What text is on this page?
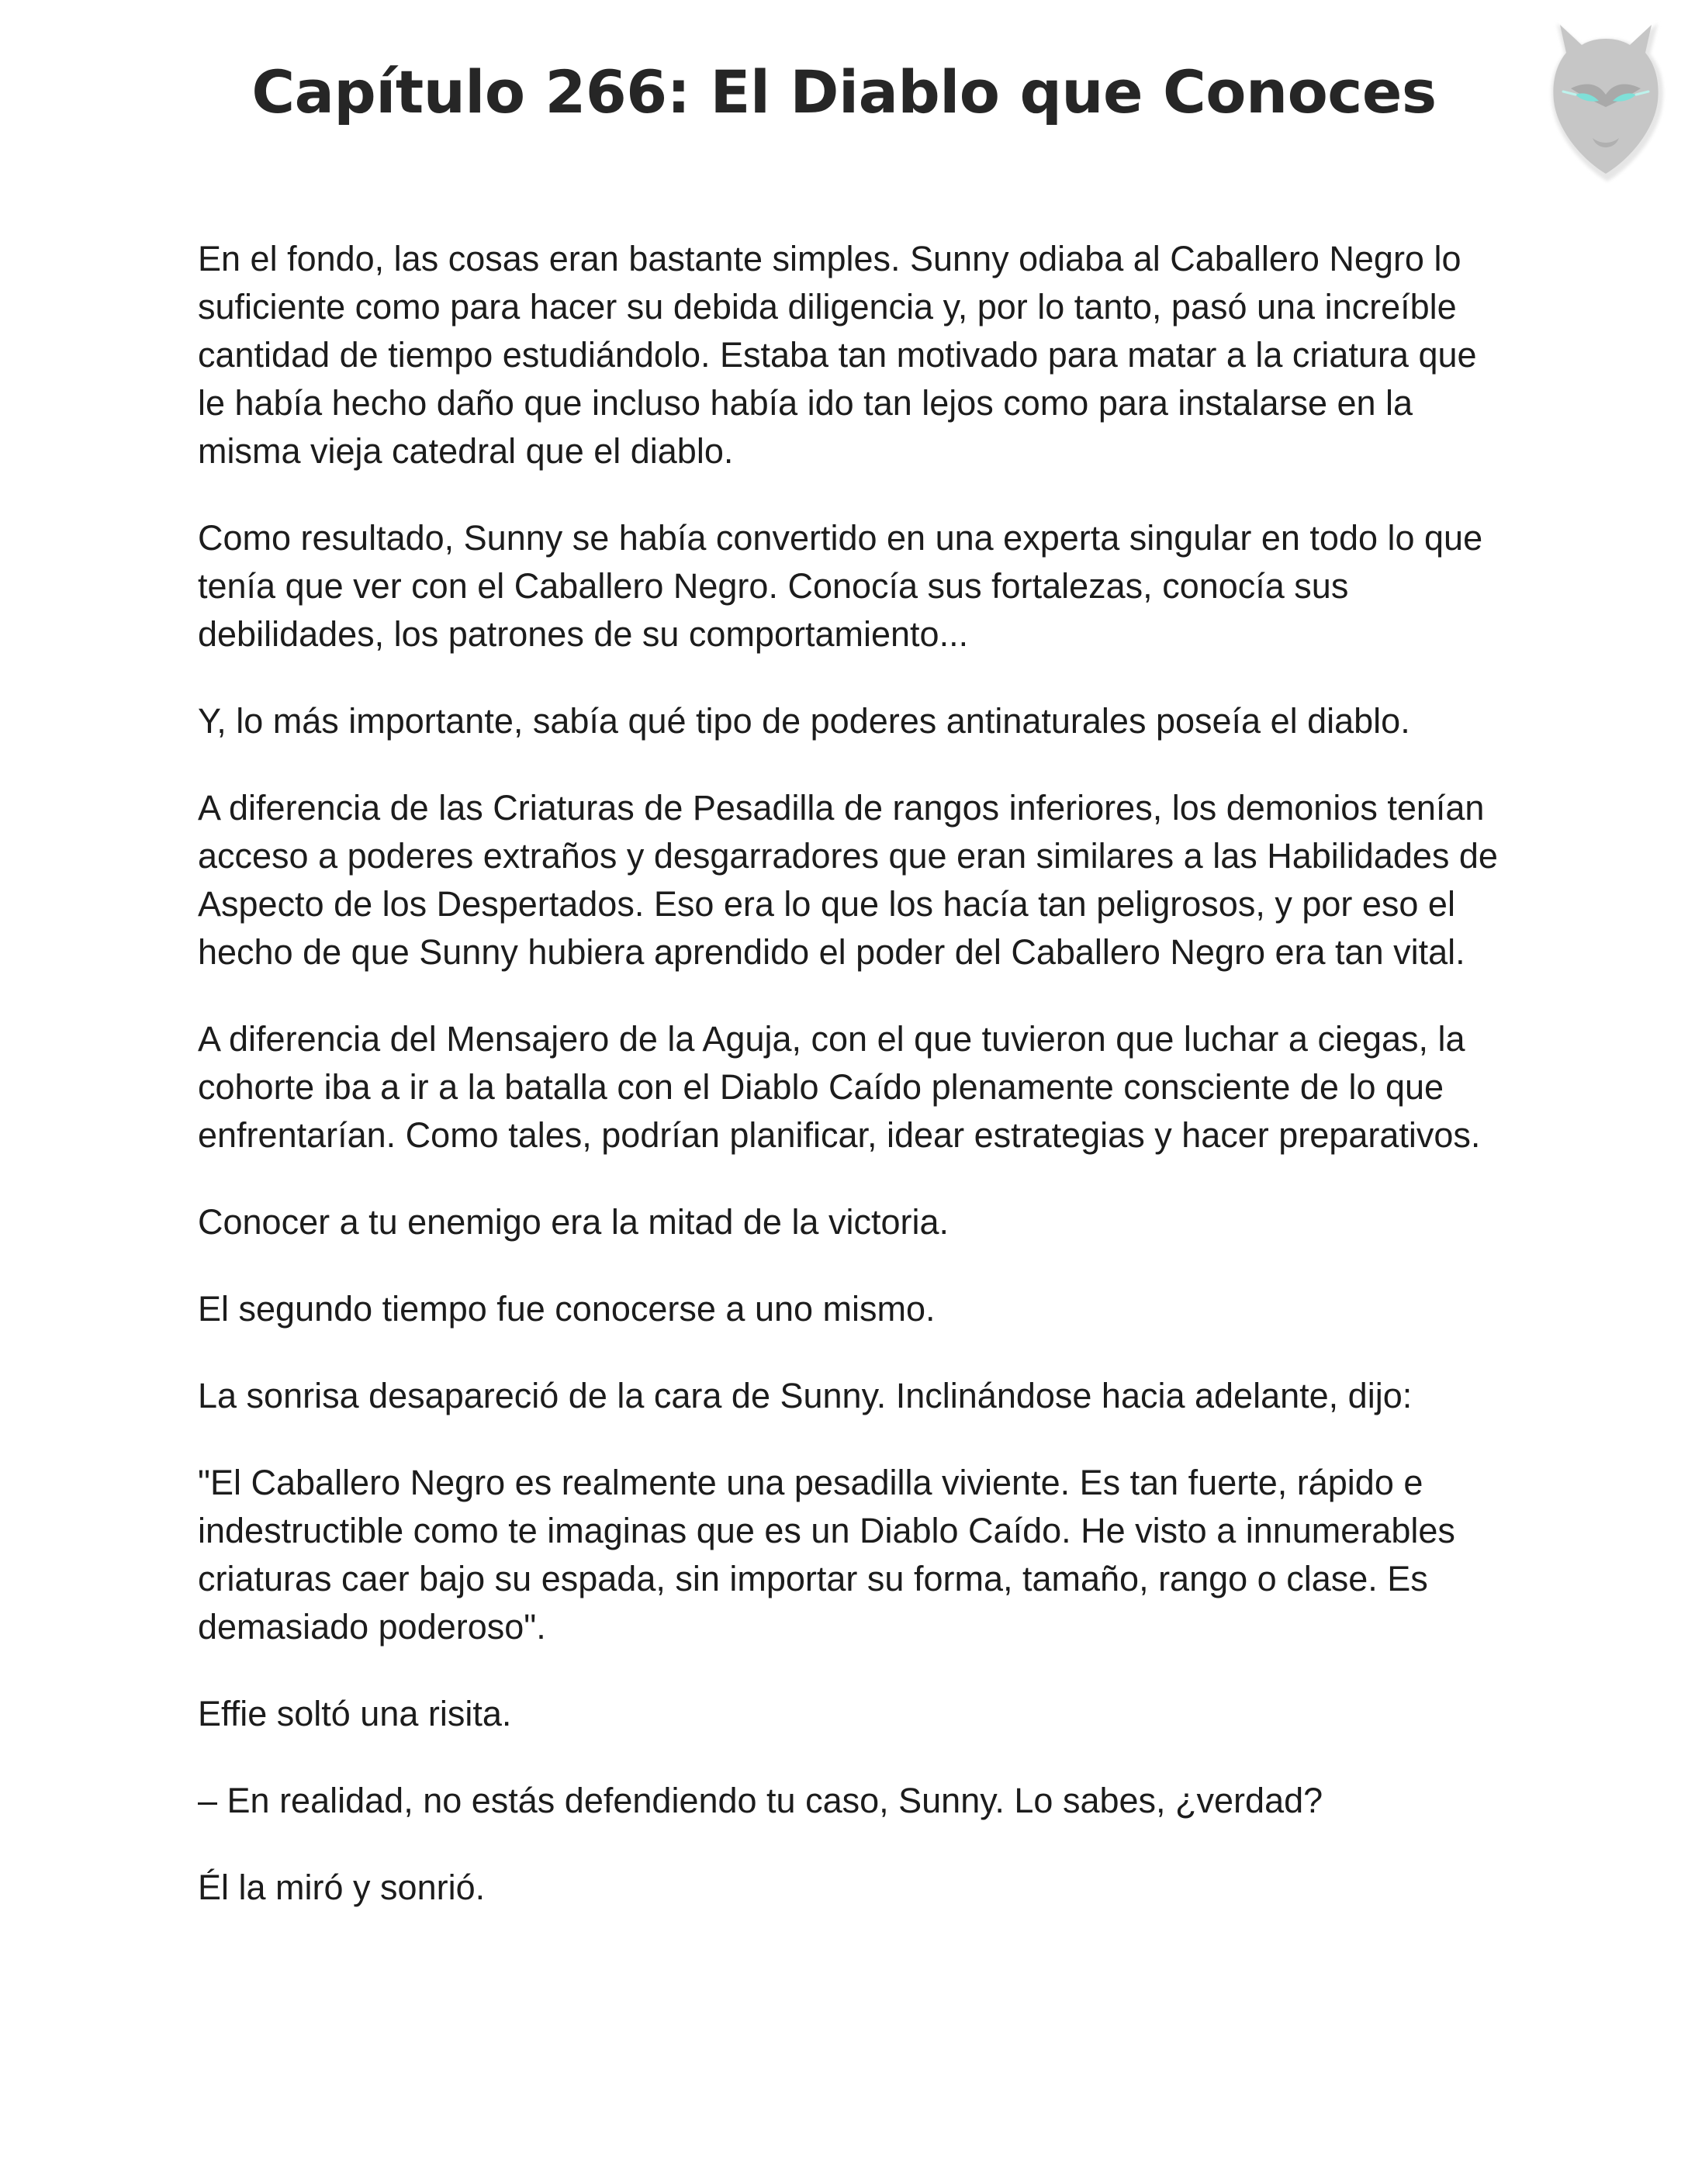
Capítulo 266: El Diablo que Conoces

En el fondo, las cosas eran bastante simples. Sunny odiaba al Caballero Negro lo suficiente como para hacer su debida diligencia y, por lo tanto, pasó una increíble cantidad de tiempo estudiándolo. Estaba tan motivado para matar a la criatura que le había hecho daño que incluso había ido tan lejos como para instalarse en la misma vieja catedral que el diablo.

Como resultado, Sunny se había convertido en una experta singular en todo lo que tenía que ver con el Caballero Negro. Conocía sus fortalezas, conocía sus debilidades, los patrones de su comportamiento...

Y, lo más importante, sabía qué tipo de poderes antinaturales poseía el diablo.

A diferencia de las Criaturas de Pesadilla de rangos inferiores, los demonios tenían acceso a poderes extraños y desgarradores que eran similares a las Habilidades de Aspecto de los Despertados. Eso era lo que los hacía tan peligrosos, y por eso el hecho de que Sunny hubiera aprendido el poder del Caballero Negro era tan vital.

A diferencia del Mensajero de la Aguja, con el que tuvieron que luchar a ciegas, la cohorte iba a ir a la batalla con el Diablo Caído plenamente consciente de lo que enfrentarían. Como tales, podrían planificar, idear estrategias y hacer preparativos.

Conocer a tu enemigo era la mitad de la victoria.

El segundo tiempo fue conocerse a uno mismo.

La sonrisa desapareció de la cara de Sunny. Inclinándose hacia adelante, dijo:

"El Caballero Negro es realmente una pesadilla viviente. Es tan fuerte, rápido e indestructible como te imaginas que es un Diablo Caído. He visto a innumerables criaturas caer bajo su espada, sin importar su forma, tamaño, rango o clase. Es demasiado poderoso".

Effie soltó una risita.

– En realidad, no estás defendiendo tu caso, Sunny. Lo sabes, ¿verdad?

Él la miró y sonrió.
